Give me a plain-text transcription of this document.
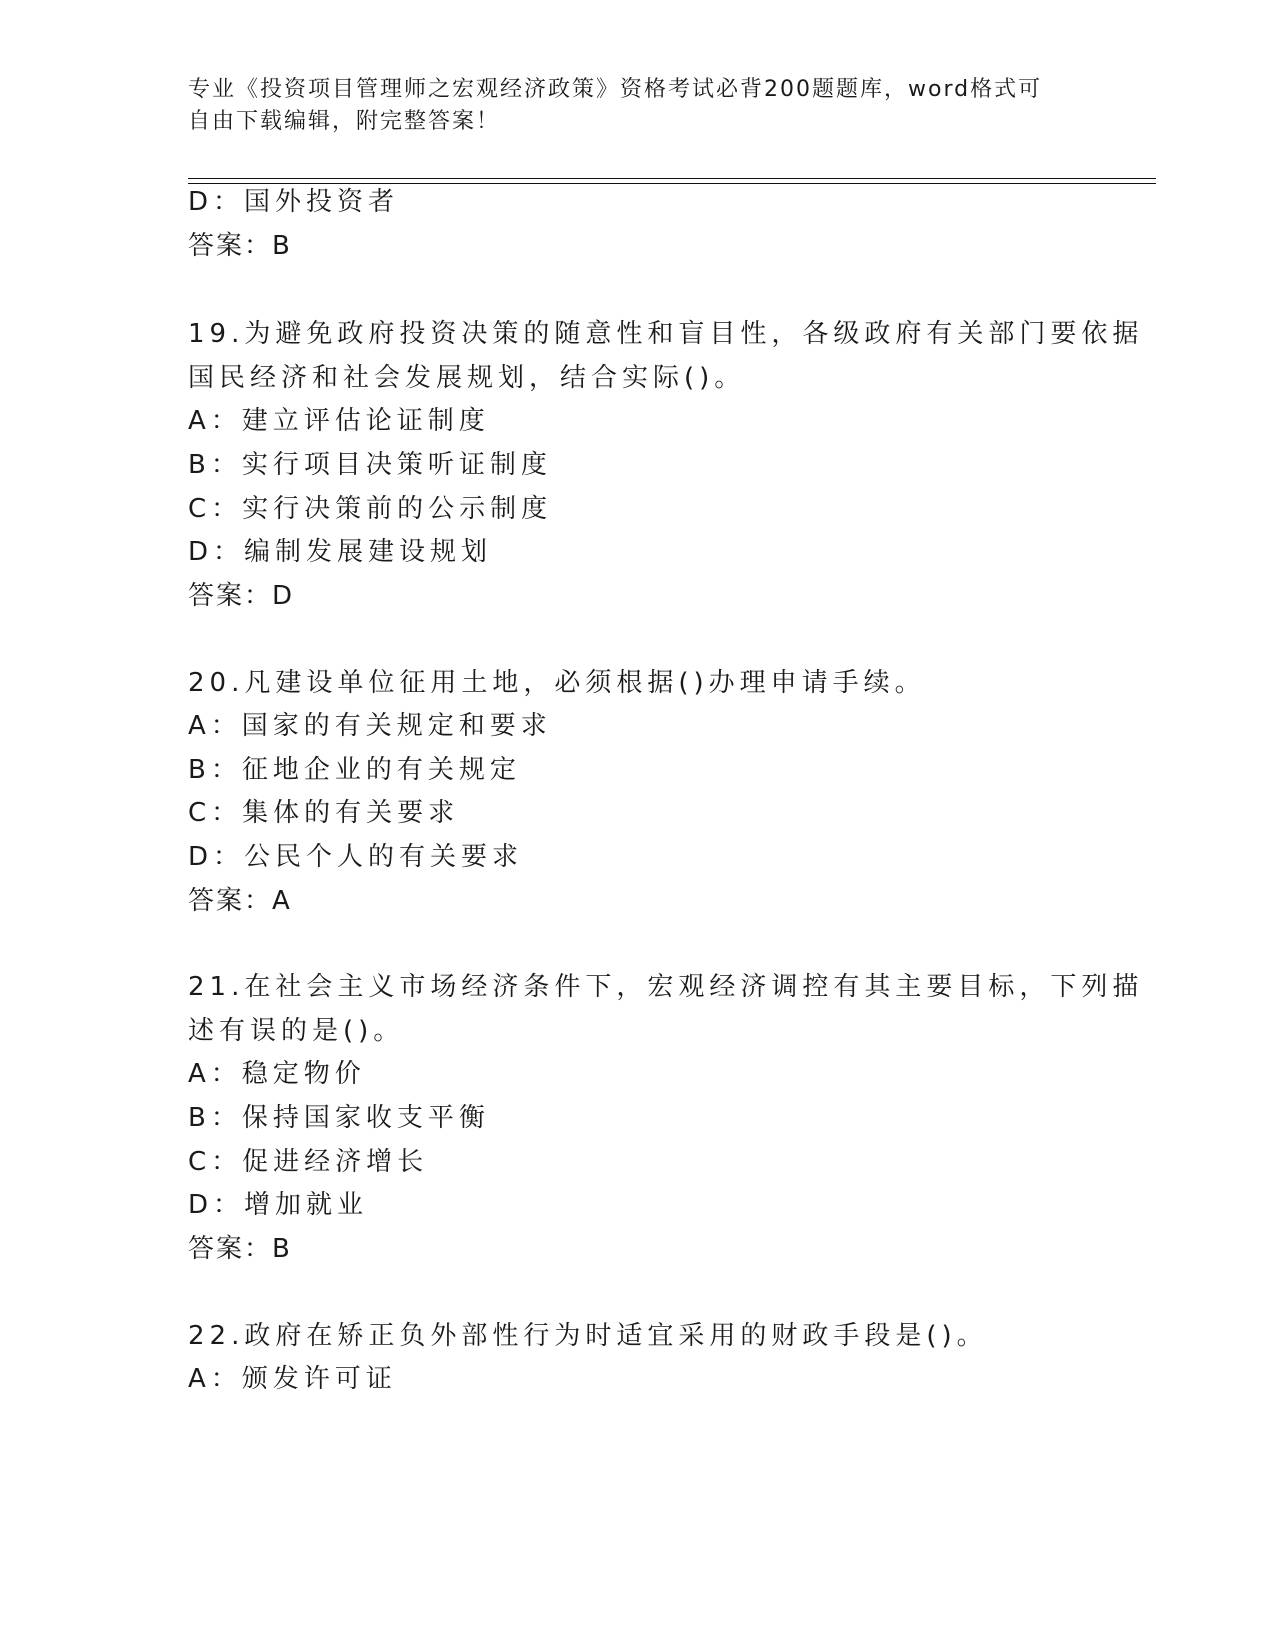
专业《投资项目管理师之宏观经济政策》资格考试必背200题题库，word格式可
自由下载编辑，附完整答案！
D：国外投资者
答案：B
19.为避免政府投资决策的随意性和盲目性，各级政府有关部门要依据
国民经济和社会发展规划，结合实际()。
A：建立评估论证制度
B：实行项目决策听证制度
C：实行决策前的公示制度
D：编制发展建设规划
答案：D
20.凡建设单位征用土地，必须根据()办理申请手续。
A：国家的有关规定和要求
B：征地企业的有关规定
C：集体的有关要求
D：公民个人的有关要求
答案：A
21.在社会主义市场经济条件下，宏观经济调控有其主要目标，下列描
述有误的是()。
A：稳定物价
B：保持国家收支平衡
C：促进经济增长
D：增加就业
答案：B
22.政府在矫正负外部性行为时适宜采用的财政手段是()。
A：颁发许可证
